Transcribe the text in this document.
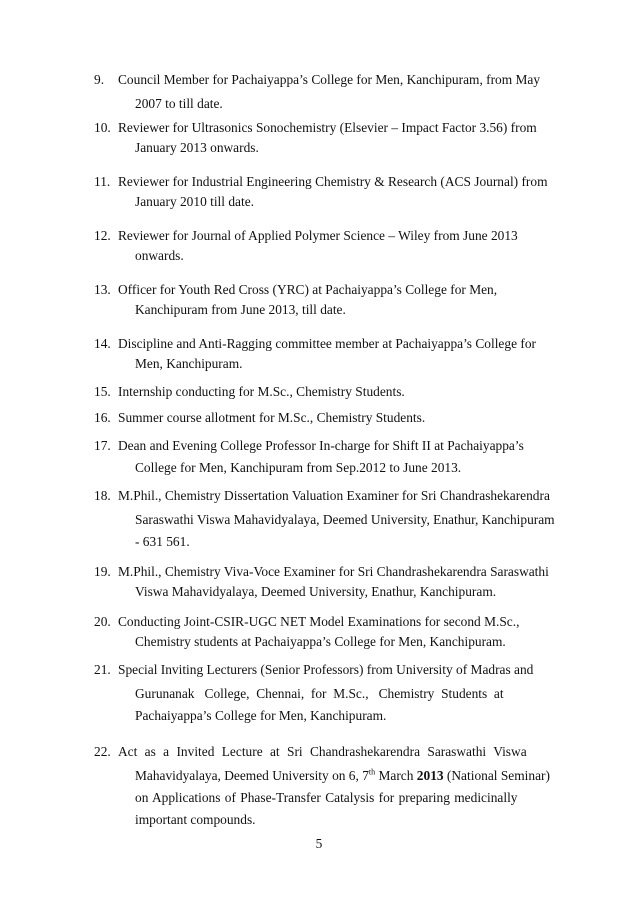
9.	Council Member for Pachaiyappa’s College for Men, Kanchipuram, from May
2007 to till date.
10. Reviewer for Ultrasonics Sonochemistry (Elsevier – Impact Factor 3.56) from
January 2013 onwards.
11. Reviewer for Industrial Engineering Chemistry & Research (ACS Journal) from
January 2010 till date.
12. Reviewer for Journal of Applied Polymer Science – Wiley from June 2013
onwards.
13. Officer for Youth Red Cross (YRC) at Pachaiyappa’s College for Men,
Kanchipuram from June 2013, till date.
14. Discipline and Anti-Ragging committee member at Pachaiyappa’s College for
Men, Kanchipuram.
15. Internship conducting for M.Sc., Chemistry Students.
16. Summer course allotment for M.Sc., Chemistry Students.
17. Dean and Evening College Professor In-charge for Shift II at Pachaiyappa’s
College for Men, Kanchipuram from Sep.2012 to June 2013.
18. M.Phil., Chemistry Dissertation Valuation Examiner for Sri Chandrashekarendra
Saraswathi Viswa Mahavidyalaya, Deemed University, Enathur, Kanchipuram
- 631 561.
19. M.Phil., Chemistry Viva-Voce Examiner for Sri Chandrashekarendra Saraswathi
Viswa Mahavidyalaya, Deemed University, Enathur, Kanchipuram.
20. Conducting Joint-CSIR-UGC NET Model Examinations for second M.Sc.,
Chemistry students at Pachaiyappa’s College for Men, Kanchipuram.
21. Special Inviting Lecturers (Senior Professors) from University of Madras and
Gurunanak   College,  Chennai,  for  M.Sc.,   Chemistry  Students  at
Pachaiyappa’s College for Men, Kanchipuram.
22. Act as a Invited Lecture at Sri Chandrashekarendra Saraswathi Viswa
Mahavidyalaya, Deemed University on 6, 7th March 2013 (National Seminar)
on Applications of Phase-Transfer Catalysis for preparing medicinally
important compounds.
5
